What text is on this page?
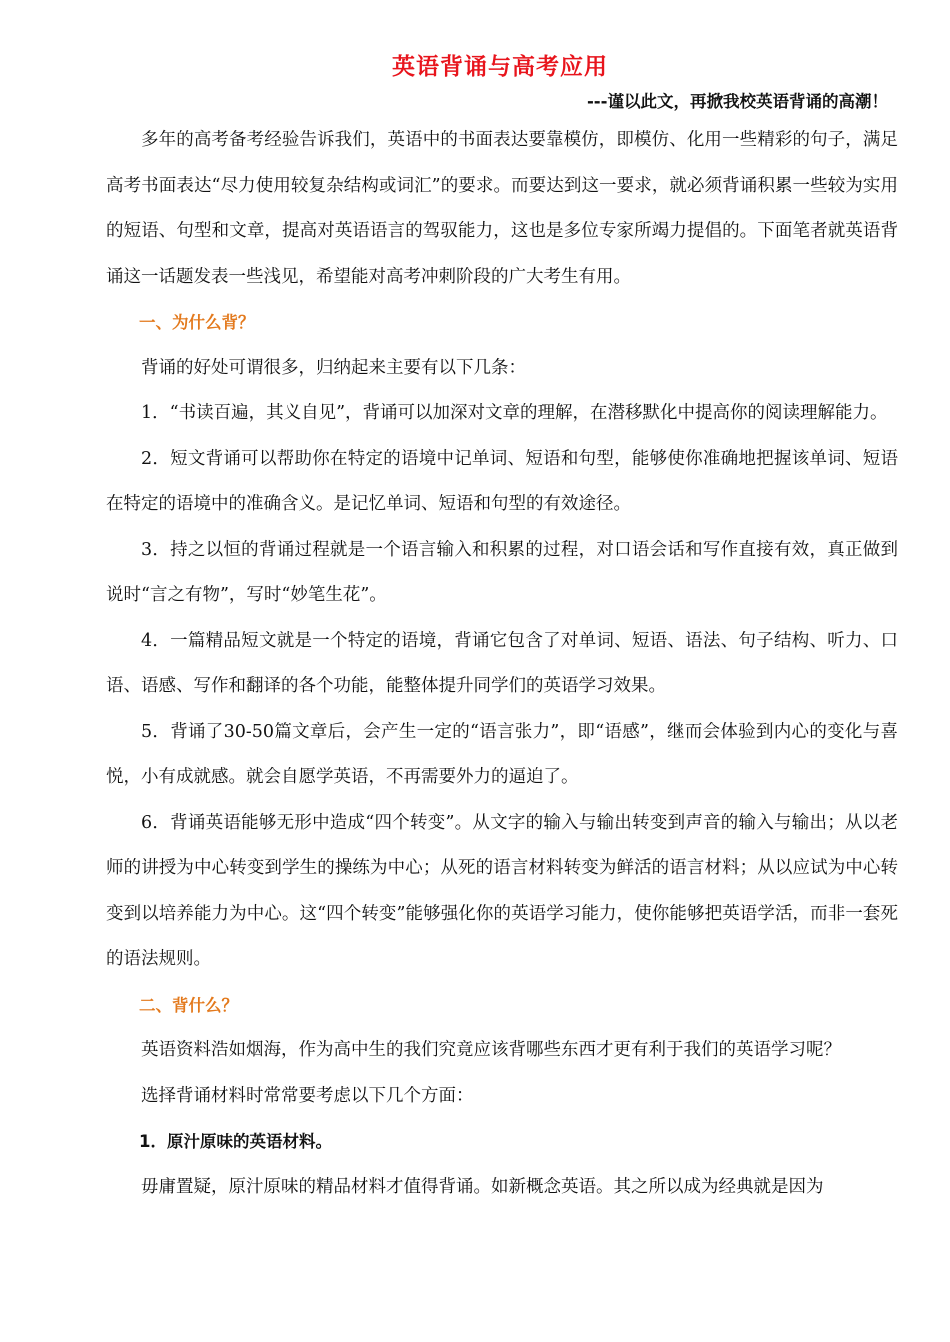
英语背诵与高考应用
---谨以此文，再掀我校英语背诵的高潮！

多年的高考备考经验告诉我们，英语中的书面表达要靠模仿，即模仿、化用一些精彩的句子，满足高考书面表达“尽力使用较复杂结构或词汇”的要求。而要达到这一要求，就必须背诵积累一些较为实用的短语、句型和文章，提高对英语语言的驾驭能力，这也是多位专家所竭力提倡的。下面笔者就英语背诵这一话题发表一些浅见，希望能对高考冲刺阶段的广大考生有用。

一、为什么背？

背诵的好处可谓很多，归纳起来主要有以下几条：

1．“书读百遍，其义自见”，背诵可以加深对文章的理解，在潜移默化中提高你的阅读理解能力。

2．短文背诵可以帮助你在特定的语境中记单词、短语和句型，能够使你准确地把握该单词、短语在特定的语境中的准确含义。是记忆单词、短语和句型的有效途径。

3．持之以恒的背诵过程就是一个语言输入和积累的过程，对口语会话和写作直接有效，真正做到说时“言之有物”，写时“妙笔生花”。

4．一篇精品短文就是一个特定的语境，背诵它包含了对单词、短语、语法、句子结构、听力、口语、语感、写作和翻译的各个功能，能整体提升同学们的英语学习效果。

5．背诵了30-50篇文章后，会产生一定的“语言张力”，即“语感”，继而会体验到内心的变化与喜悦，小有成就感。就会自愿学英语，不再需要外力的逼迫了。

6．背诵英语能够无形中造成“四个转变”。从文字的输入与输出转变到声音的输入与输出；从以老师的讲授为中心转变到学生的操练为中心；从死的语言材料转变为鲜活的语言材料；从以应试为中心转变到以培养能力为中心。这“四个转变”能够强化你的英语学习能力，使你能够把英语学活，而非一套死的语法规则。

二、背什么？

英语资料浩如烟海，作为高中生的我们究竟应该背哪些东西才更有利于我们的英语学习呢？

选择背诵材料时常常要考虑以下几个方面：

1．原汁原味的英语材料。

毋庸置疑，原汁原味的精品材料才值得背诵。如新概念英语。其之所以成为经典就是因为
